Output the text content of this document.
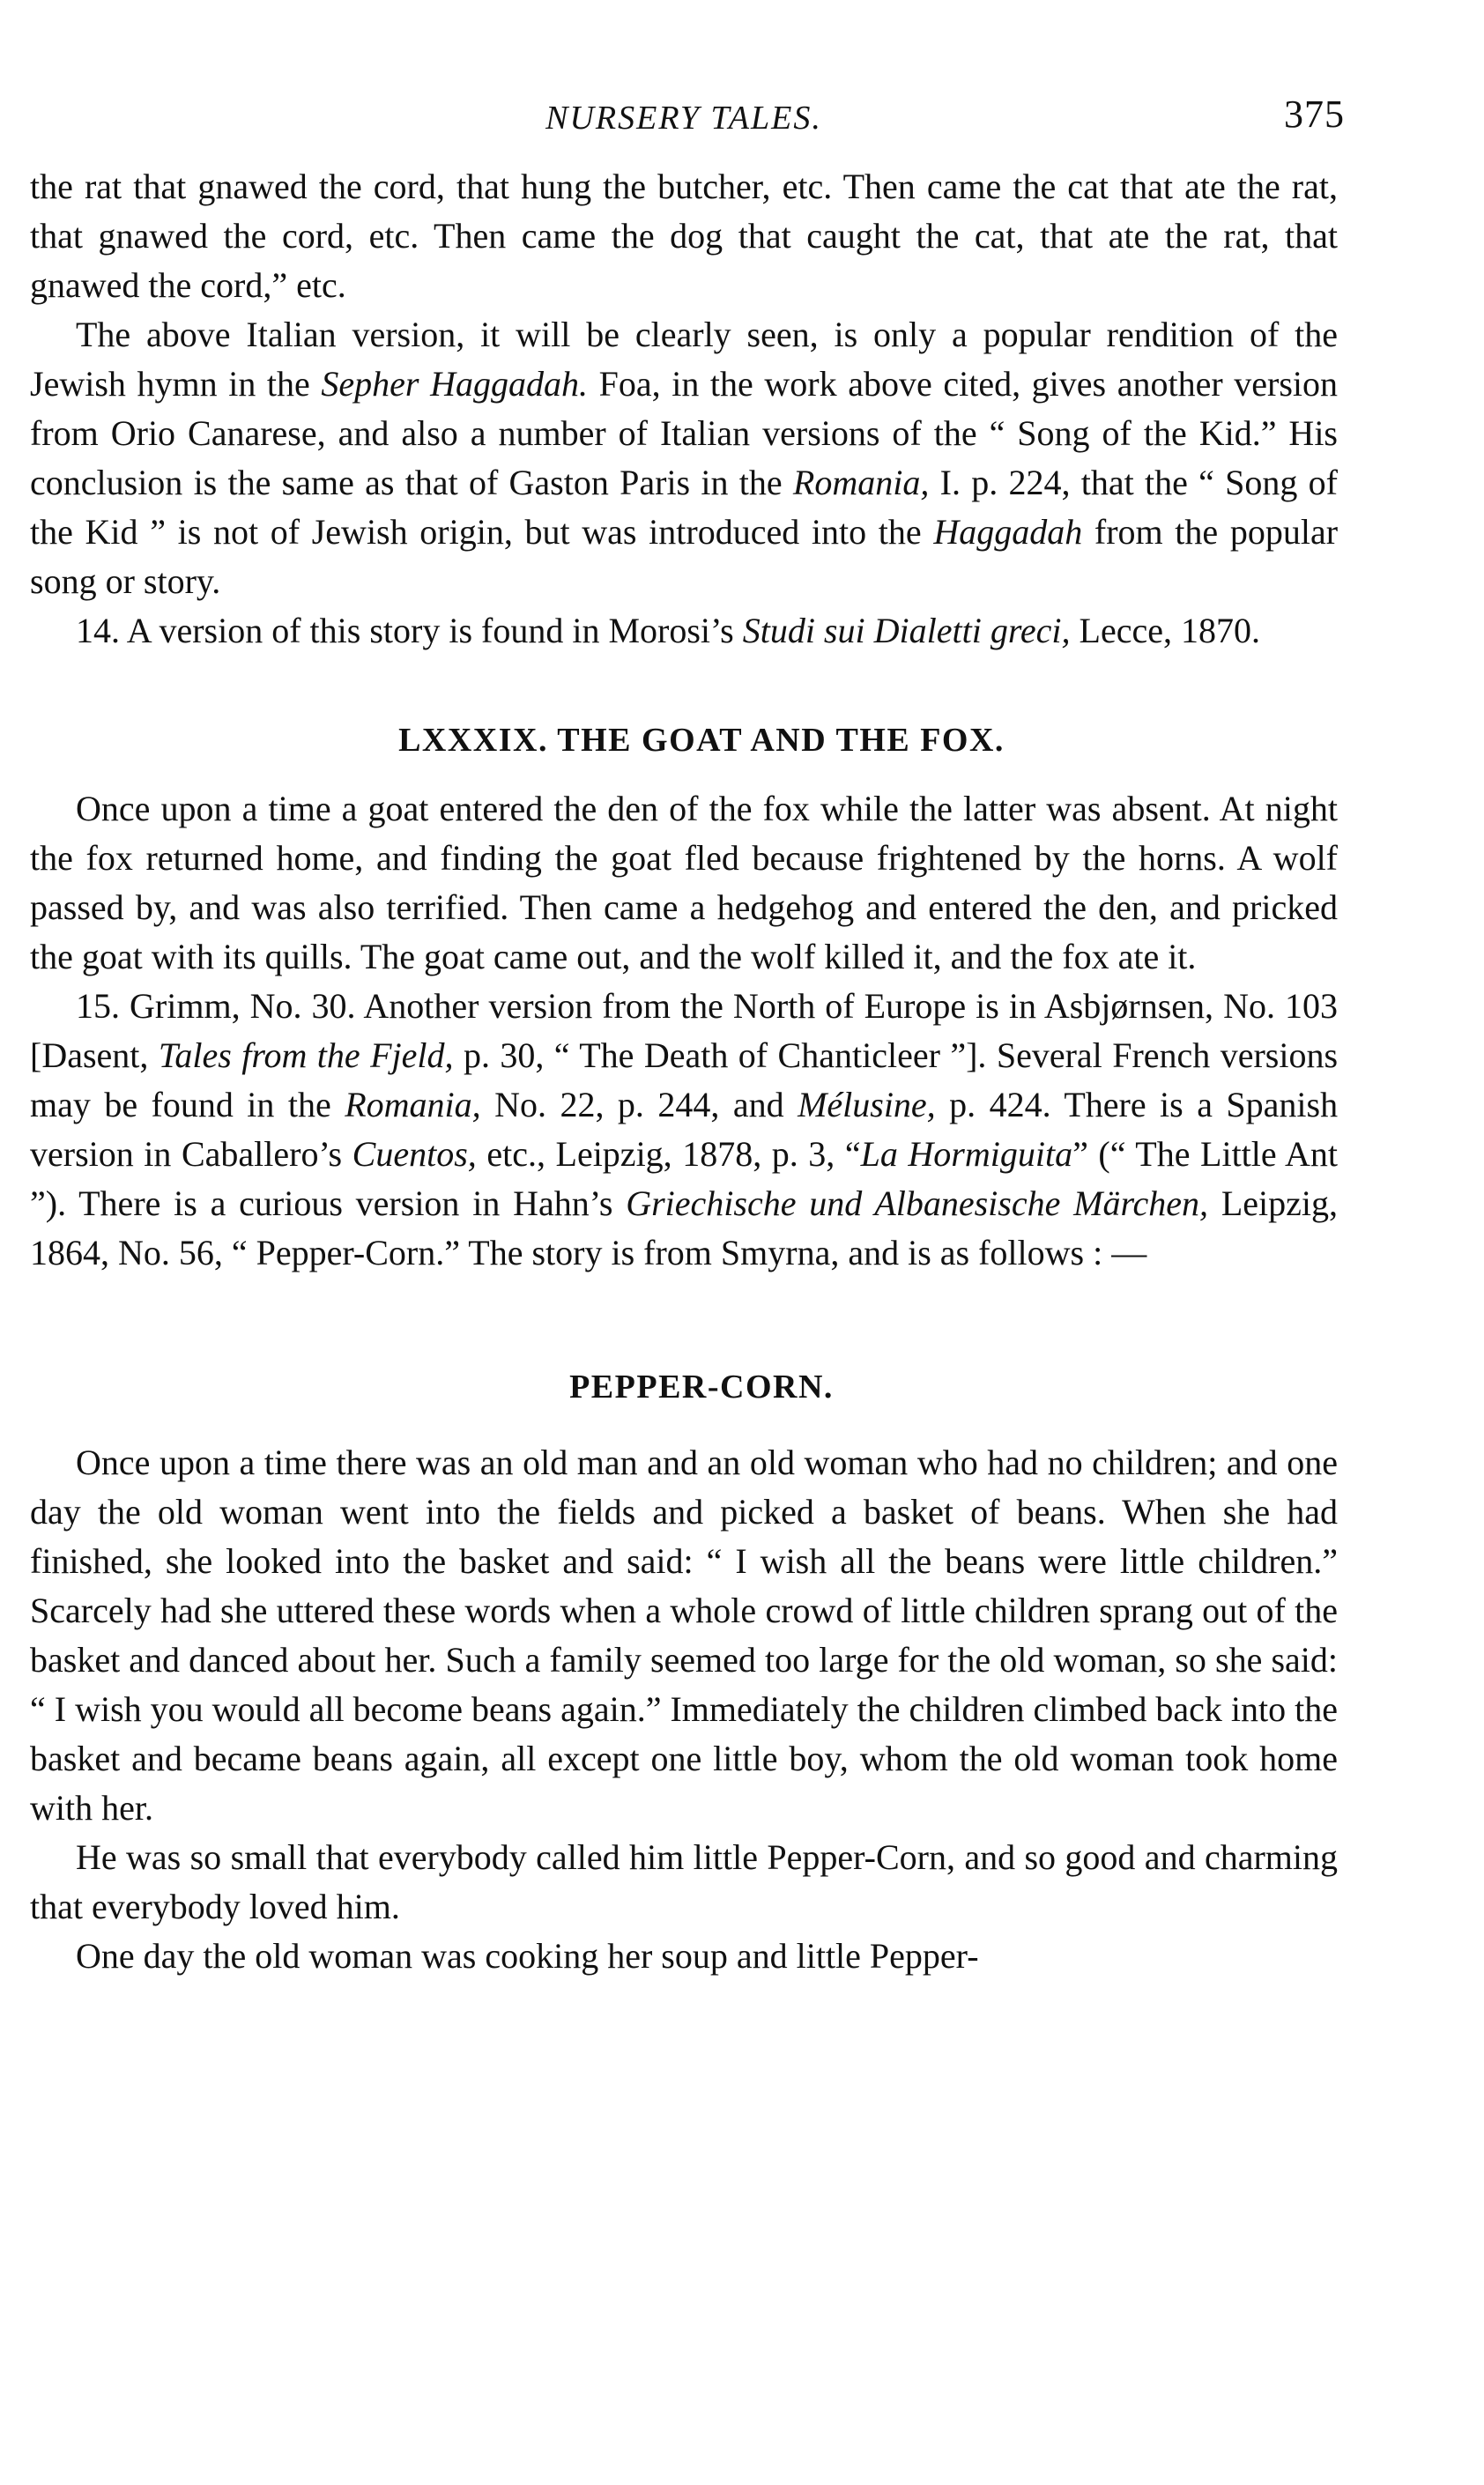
NURSERY TALES.	375

the rat that gnawed the cord, that hung the butcher, etc. Then came the cat that ate the rat, that gnawed the cord, etc. Then came the dog that caught the cat, that ate the rat, that gnawed the cord,” etc.

The above Italian version, it will be clearly seen, is only a popular rendition of the Jewish hymn in the Sepher Haggadah. Foa, in the work above cited, gives another version from Orio Canarese, and also a number of Italian versions of the “ Song of the Kid.” His conclusion is the same as that of Gaston Paris in the Romania, I. p. 224, that the “ Song of the Kid ” is not of Jewish origin, but was introduced into the Haggadah from the popular song or story.

14. A version of this story is found in Morosi’s Studi sui Dialetti greci, Lecce, 1870.

LXXXIX. THE GOAT AND THE FOX.

Once upon a time a goat entered the den of the fox while the latter was absent. At night the fox returned home, and finding the goat fled because frightened by the horns. A wolf passed by, and was also terrified. Then came a hedgehog and entered the den, and pricked the goat with its quills. The goat came out, and the wolf killed it, and the fox ate it.

15. Grimm, No. 30. Another version from the North of Europe is in Asbjørnsen, No. 103 [Dasent, Tales from the Fjeld, p. 30, “ The Death of Chanticleer ”]. Several French versions may be found in the Romania, No. 22, p. 244, and Mélusine, p. 424. There is a Spanish version in Caballero’s Cuentos, etc., Leipzig, 1878, p. 3, “La Hormiguita” (“ The Little Ant ”). There is a curious version in Hahn’s Griechische und Albanesische Märchen, Leipzig, 1864, No. 56, “ Pepper-Corn.” The story is from Smyrna, and is as follows : —

PEPPER-CORN.

Once upon a time there was an old man and an old woman who had no children; and one day the old woman went into the fields and picked a basket of beans. When she had finished, she looked into the basket and said: “ I wish all the beans were little children.” Scarcely had she uttered these words when a whole crowd of little children sprang out of the basket and danced about her. Such a family seemed too large for the old woman, so she said: “ I wish you would all become beans again.” Immediately the children climbed back into the basket and became beans again, all except one little boy, whom the old woman took home with her.

He was so small that everybody called him little Pepper-Corn, and so good and charming that everybody loved him.

One day the old woman was cooking her soup and little Pepper-
